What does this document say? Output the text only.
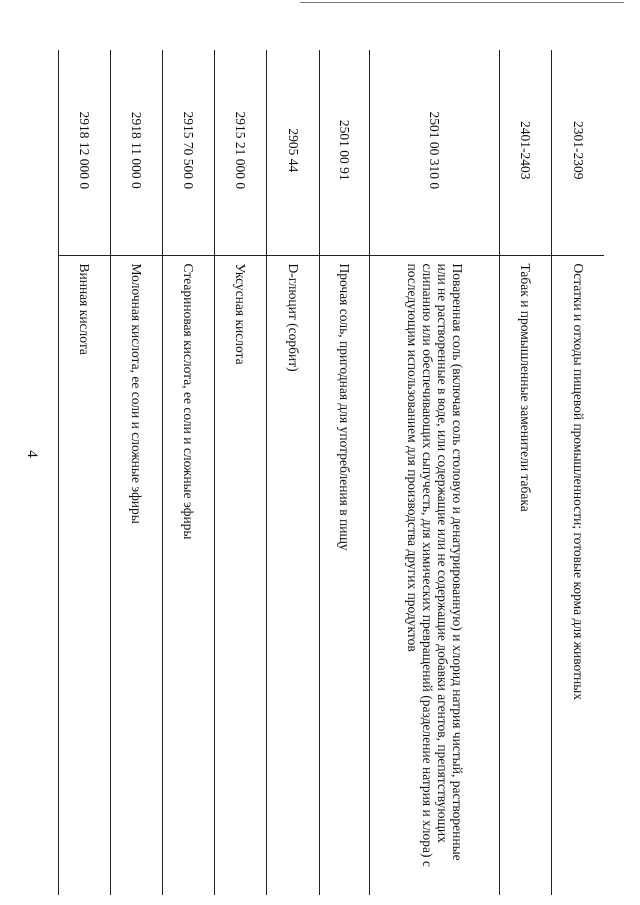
4
2301-2309	Остатки и отходы пищевой промышленности; готовые корма для животных
2401-2403	Табак и промышленные заменители табака
2501 00 310 0	Поваренная соль (включая соль столовую и денатурированную) и хлорид натрия чистый, растворенные или не растворенные в воде, или содержащие или не содержащие добавки агентов, препятствующих слипанию или обеспечивающих сыпучесть, для химических превращений (разделение натрия и хлора) с последующим использованием для производства других продуктов
2501 00 91	Прочая соль, пригодная для употребления в пищу
2905 44	D-глюцит (сорбит)
2915 21 000 0	Уксусная кислота
2915 70 500 0	Стеариновая кислота, ее соли и сложные эфиры
2918 11 000 0	Молочная кислота, ее соли и сложные эфиры
2918 12 000 0	Винная кислота
